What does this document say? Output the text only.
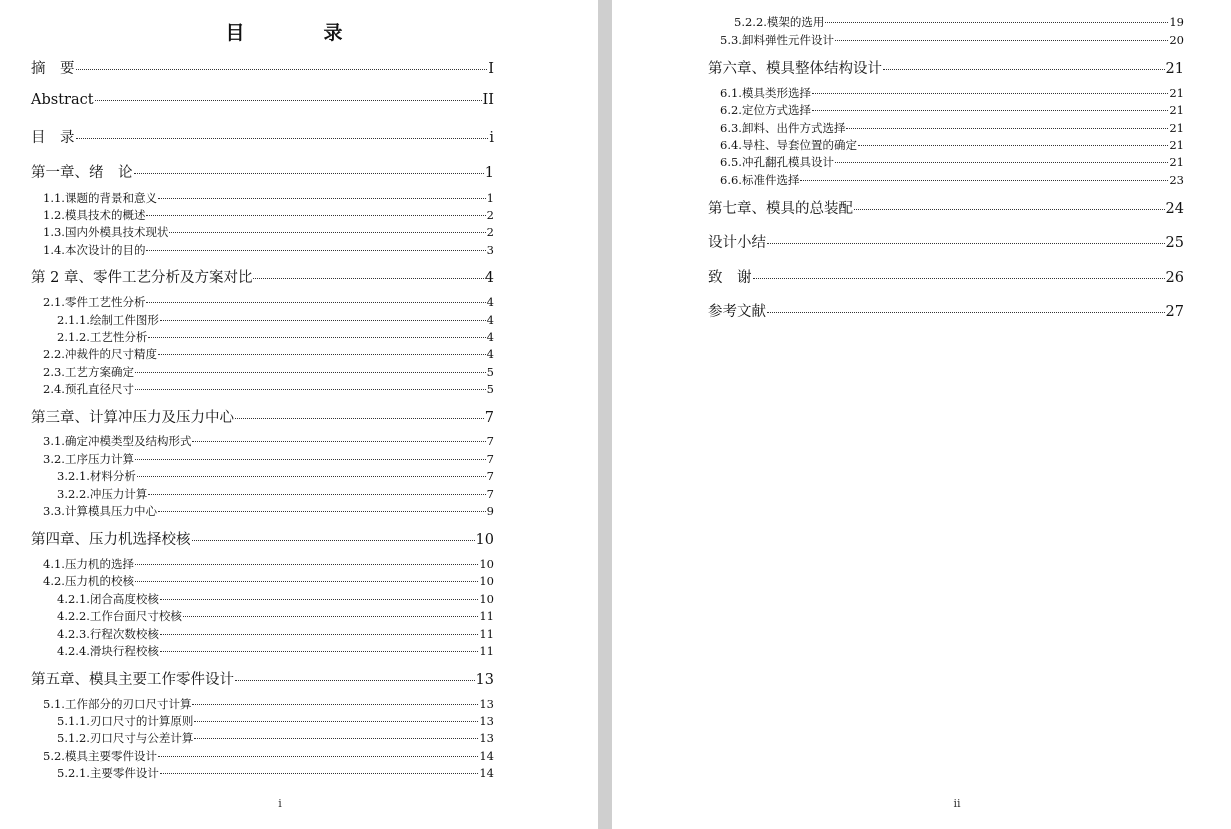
目　录
摘　要	I
Abstract	II
目　录	i
第一章、绪　论	1
1.1.课题的背景和意义	1
1.2.模具技术的概述	2
1.3.国内外模具技术现状	2
1.4.本次设计的目的	3
第 2 章、零件工艺分析及方案对比	4
2.1.零件工艺性分析	4
2.1.1.绘制工件图形	4
2.1.2.工艺性分析	4
2.2.冲裁件的尺寸精度	4
2.3.工艺方案确定	5
2.4.预孔直径尺寸	5
第三章、计算冲压力及压力中心	7
3.1.确定冲模类型及结构形式	7
3.2.工序压力计算	7
3.2.1.材料分析	7
3.2.2.冲压力计算	7
3.3.计算模具压力中心	9
第四章、压力机选择校核	10
4.1.压力机的选择	10
4.2.压力机的校核	10
4.2.1.闭合高度校核	10
4.2.2.工作台面尺寸校核	11
4.2.3.行程次数校核	11
4.2.4.滑块行程校核	11
第五章、模具主要工作零件设计	13
5.1.工作部分的刃口尺寸计算	13
5.1.1.刃口尺寸的计算原则	13
5.1.2.刃口尺寸与公差计算	13
5.2.模具主要零件设计	14
5.2.1.主要零件设计	14
i
5.2.2.模架的选用	19
5.3.卸料弹性元件设计	20
第六章、模具整体结构设计	21
6.1.模具类形选择	21
6.2.定位方式选择	21
6.3.卸料、出件方式选择	21
6.4.导柱、导套位置的确定	21
6.5.冲孔翻孔模具设计	21
6.6.标准件选择	23
第七章、模具的总装配	24
设计小结	25
致　谢	26
参考文献	27
ii
